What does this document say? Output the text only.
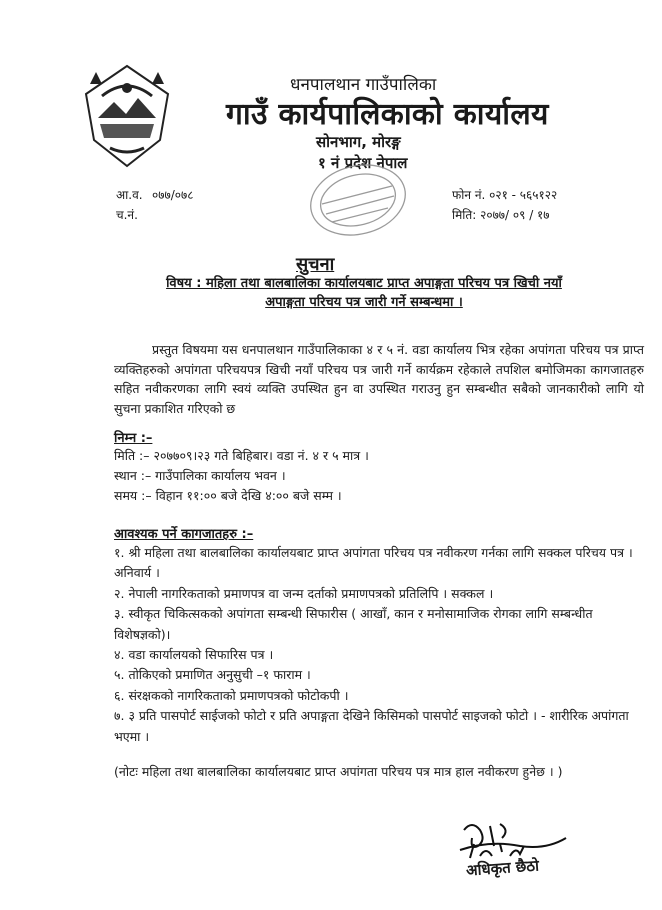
धनपालथान गाउँपालिका
गाउँ कार्यपालिकाको कार्यालय
सोनभाग, मोरङ्ग
१ नं प्रदेश नेपाल
आ.व. ०७७/०७८
च.नं.
फोन नं. ०२१ - ५६५१२२
मिति: २०७७/ ०९ / १७
सुचना
विषय : महिला तथा बालबालिका कार्यालयबाट प्राप्त अपाङ्गता परिचय पत्र खिची नयाँ
अपाङ्गता परिचय पत्र जारी गर्ने सम्बन्धमा ।
प्रस्तुत विषयमा यस धनपालथान गाउँपालिकाका ४ र ५ नं. वडा कार्यालय भित्र रहेका अपांगता परिचय पत्र प्राप्त व्यक्तिहरुको अपांगता परिचयपत्र खिची नयाँ परिचय पत्र जारी गर्ने कार्यक्रम रहेकाले तपशिल बमोजिमका कागजातहरु सहित नवीकरणका लागि स्वयं व्यक्ति उपस्थित हुन वा उपस्थित गराउनु हुन सम्बन्धीत सबैको जानकारीको लागि यो सुचना प्रकाशित गरिएको छ
निम्न :–
मिति :– २०७७०९।२३ गते बिहिबार। वडा नं. ४ र ५ मात्र ।
स्थान :– गाउँपालिका कार्यालय भवन ।
समय :– विहान ११:०० बजे देखि ४:०० बजे सम्म ।
आवश्यक पर्ने कागजातहरु :–
१. श्री महिला तथा बालबालिका कार्यालयबाट प्राप्त अपांगता परिचय पत्र नवीकरण गर्नका लागि सक्कल परिचय पत्र । अनिवार्य ।
२. नेपाली नागरिकताको प्रमाणपत्र वा जन्म दर्ताको प्रमाणपत्रको प्रतिलिपि । सक्कल ।
३. स्वीकृत चिकित्सकको अपांगता सम्बन्धी सिफारीस ( आखाँ, कान र मनोसामाजिक रोगका लागि सम्बन्धीत विशेषज्ञको)।
४. वडा कार्यालयको सिफारिस पत्र ।
५. तोकिएको प्रमाणित अनुसुची –१ फाराम ।
६. संरक्षकको नागरिकताको प्रमाणपत्रको फोटोकपी ।
७. ३ प्रति पासपोर्ट साईजको फोटो र प्रति अपाङ्गता देखिने किसिमको पासपोर्ट साइजको फोटो । - शारीरिक अपांगता भएमा ।
(नोटः महिला तथा बालबालिका कार्यालयबाट प्राप्त अपांगता परिचय पत्र मात्र हाल नवीकरण हुनेछ । )
अधिकृत छैठो
